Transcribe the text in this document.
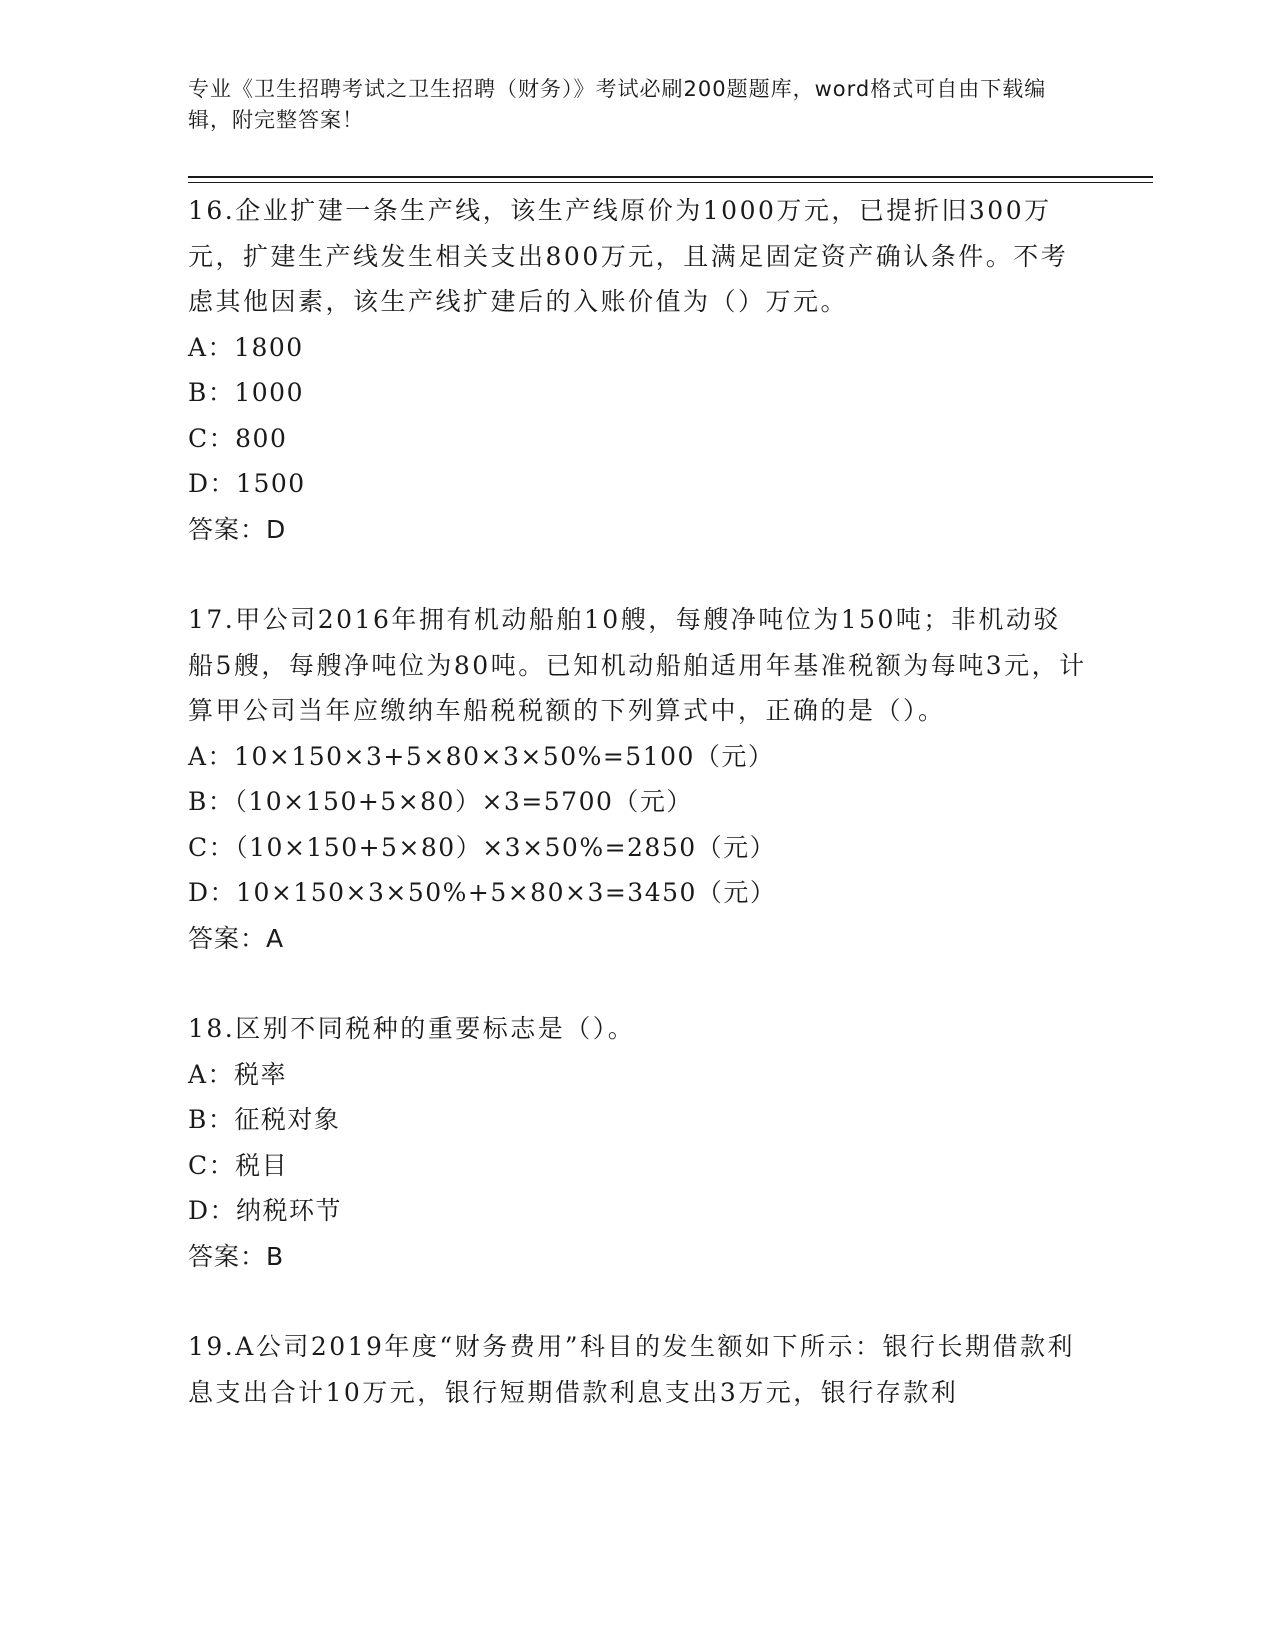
专业《卫生招聘考试之卫生招聘（财务）》考试必刷200题题库，word格式可自由下载编辑，附完整答案！

16.企业扩建一条生产线，该生产线原价为1000万元，已提折旧300万元，扩建生产线发生相关支出800万元，且满足固定资产确认条件。不考虑其他因素，该生产线扩建后的入账价值为（）万元。

A：1800

B：1000

C：800

D：1500

答案：D

17.甲公司2016年拥有机动船舶10艘，每艘净吨位为150吨；非机动驳船5艘，每艘净吨位为80吨。已知机动船舶适用年基准税额为每吨3元，计算甲公司当年应缴纳车船税税额的下列算式中，正确的是（）。

A：10×150×3+5×80×3×50%=5100（元）

B：（10×150+5×80）×3=5700（元）

C：（10×150+5×80）×3×50%=2850（元）

D：10×150×3×50%+5×80×3=3450（元）

答案：A

18.区别不同税种的重要标志是（）。

A：税率

B：征税对象

C：税目

D：纳税环节

答案：B

19.A公司2019年度“财务费用”科目的发生额如下所示：银行长期借款利息支出合计10万元，银行短期借款利息支出3万元，银行存款利
